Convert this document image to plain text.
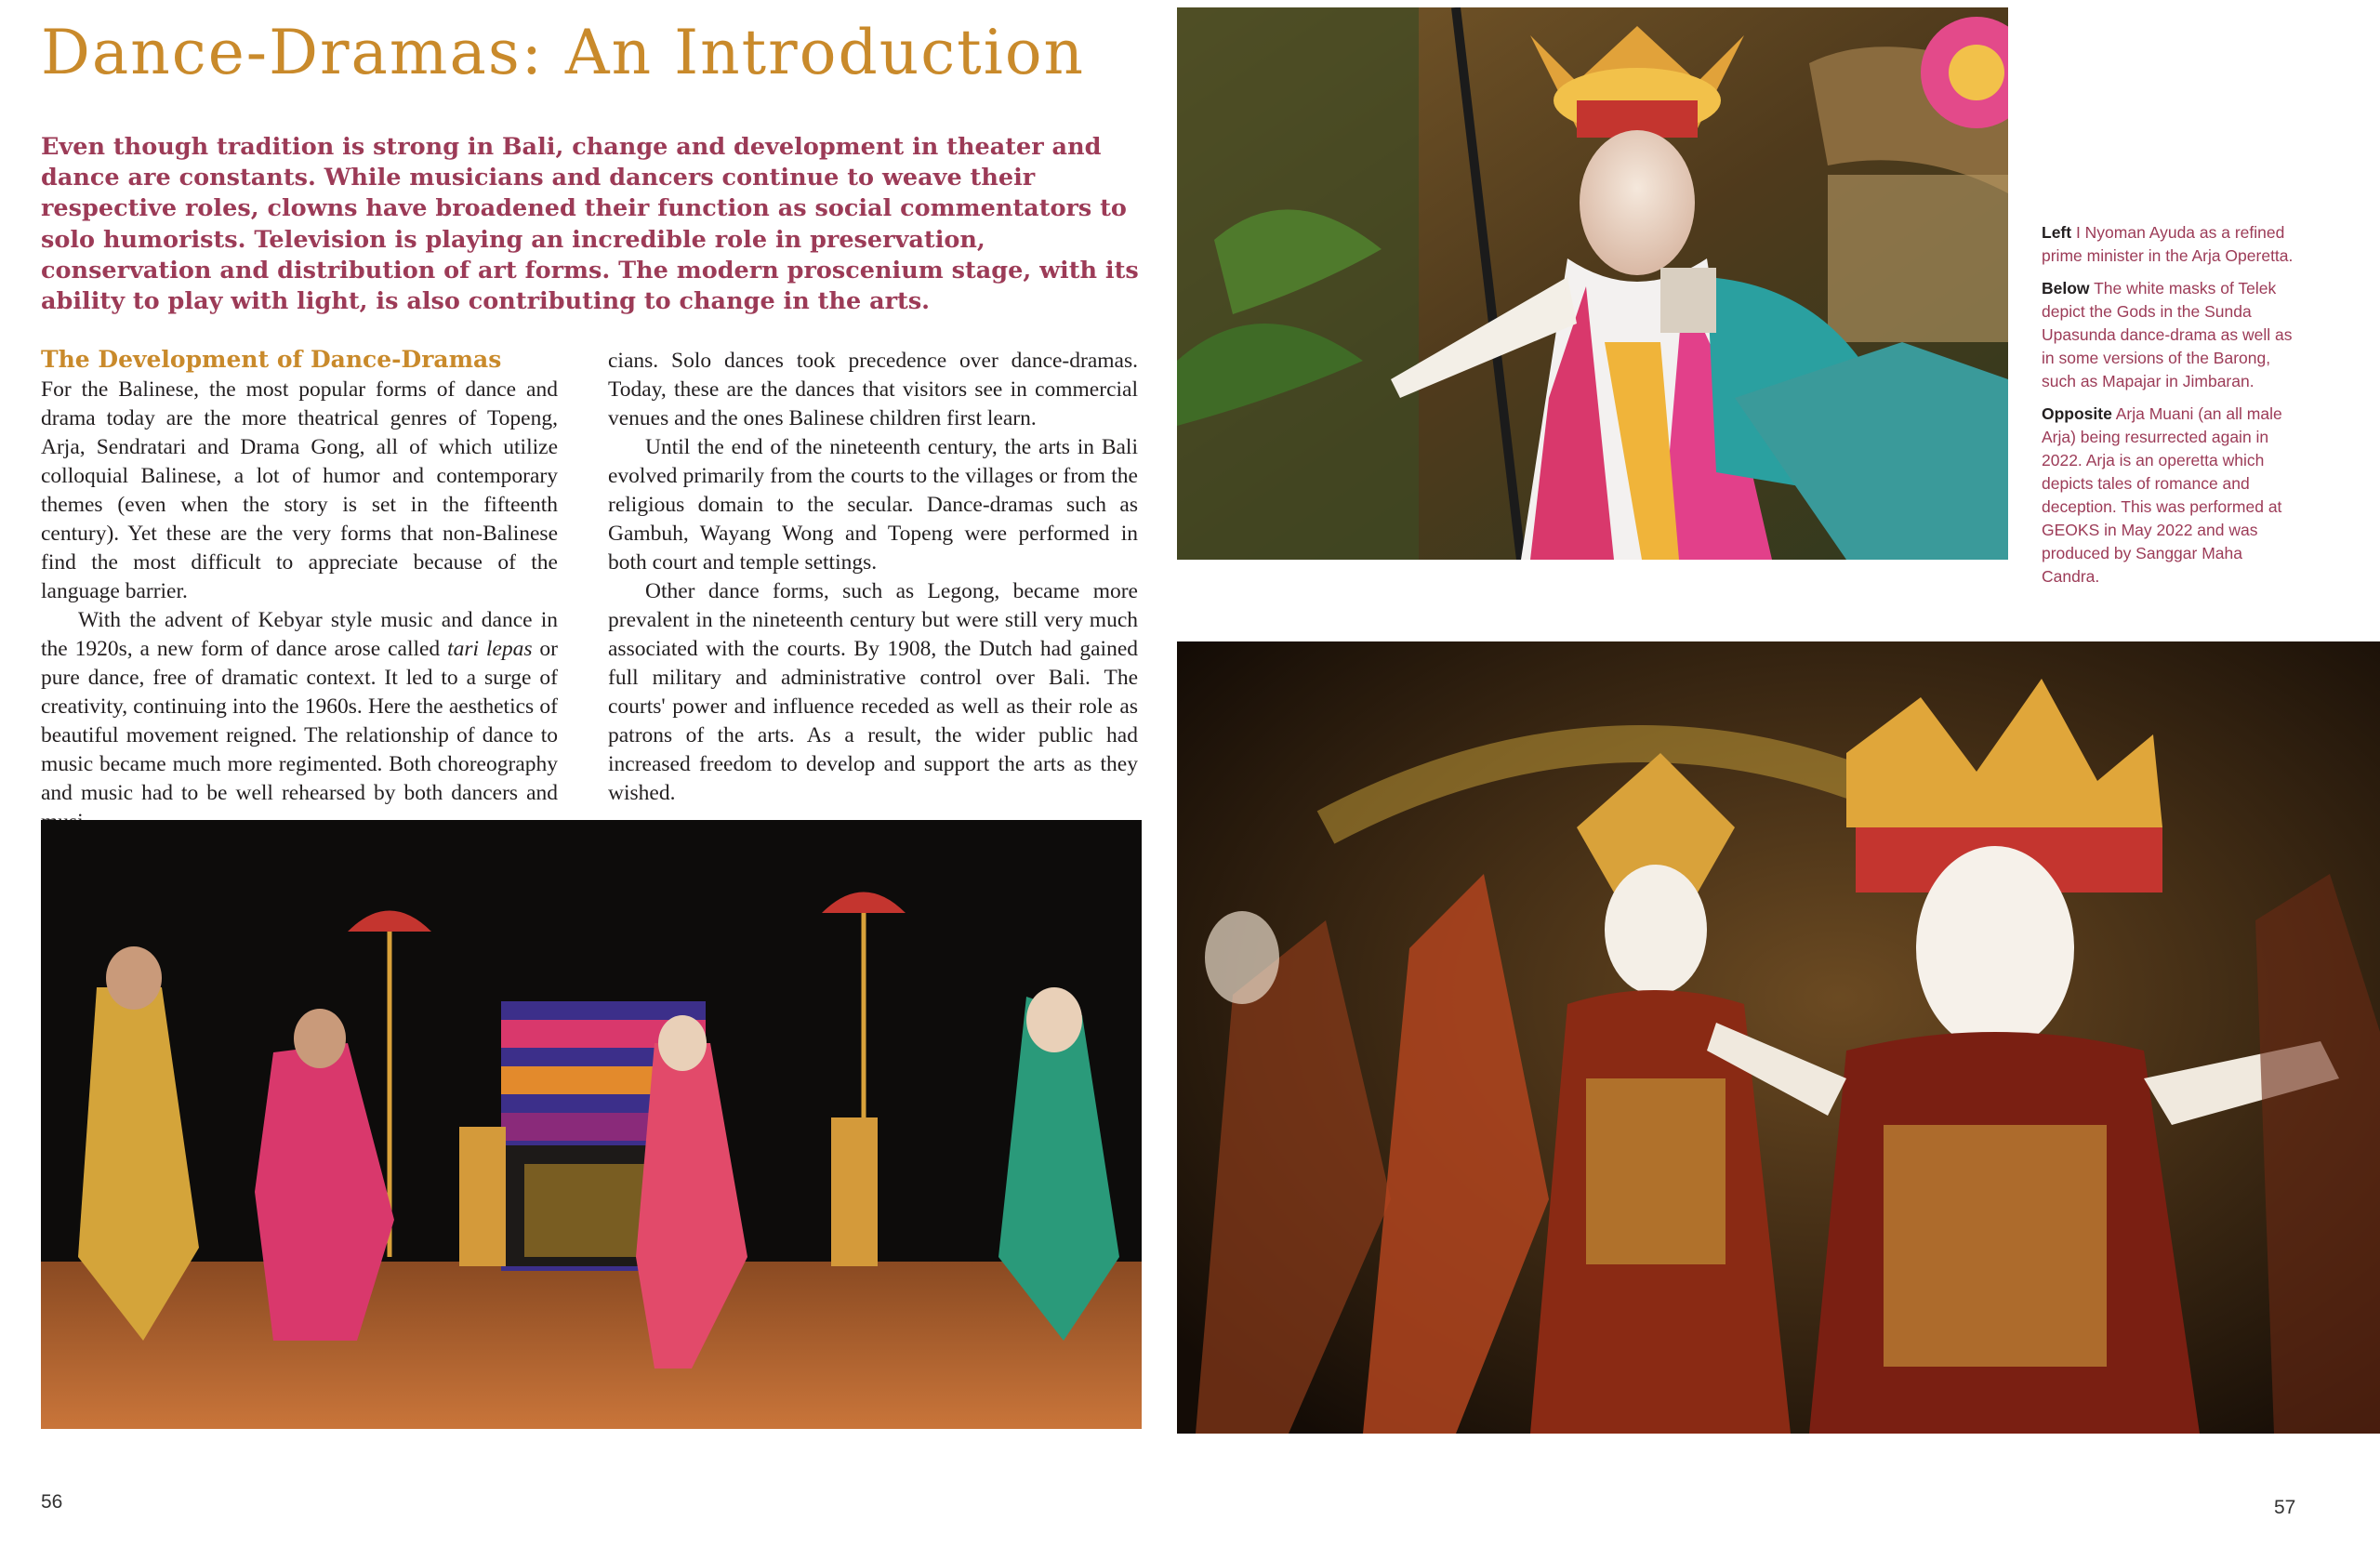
Dance-Dramas: An Introduction
Even though tradition is strong in Bali, change and development in theater and dance are constants. While musicians and dancers continue to weave their respective roles, clowns have broadened their function as social commentators to solo humorists. Television is playing an incredible role in preservation, conservation and distribution of art forms. The modern proscenium stage, with its ability to play with light, is also contributing to change in the arts.
The Development of Dance-Dramas

For the Balinese, the most popular forms of dance and drama today are the more theatrical genres of Topeng, Arja, Sendratari and Drama Gong, all of which utilize colloquial Balinese, a lot of humor and contemporary themes (even when the story is set in the fifteenth century). Yet these are the very forms that non-Balinese find the most difficult to appreciate because of the language barrier.

With the advent of Kebyar style music and dance in the 1920s, a new form of dance arose called tari lepas or pure dance, free of dramatic context. It led to a surge of creativity, continuing into the 1960s. Here the aesthetics of beautiful movement reigned. The relationship of dance to music became much more regimented. Both choreography and music had to be well rehearsed by both dancers and

cians. Solo dances took precedence over dance-dramas. Today, these are the dances that visitors see in commercial venues and the ones Balinese children first learn.

Until the end of the nineteenth century, the arts in Bali evolved primarily from the courts to the villages or from the religious domain to the secular. Dance-dramas such as Gambuh, Wayang Wong and Topeng were performed in both court and temple settings.

Other dance forms, such as Legong, became more prevalent in the nineteenth century but were still very much associated with the courts. By 1908, the Dutch had gained full military and administrative control over Bali. The courts' power and influence receded as well as their role as patrons of the arts. As a result, the wider public had increased freedom to develop and support the arts as they wished.

Left I Nyoman Ayuda as a refined prime minister in the Arja Operetta.

Below The white masks of Telek depict the Gods in the Sunda Upasunda dance-drama as well as in some versions of the Barong, such as Mapajar in Jimbaran.

Opposite Arja Muani (an all male Arja) being resurrected again in 2022. Arja is an operetta which depicts tales of romance and deception. This was performed at GEOKS in May 2022 and was produced by Sanggar Maha Candra.

56	57
